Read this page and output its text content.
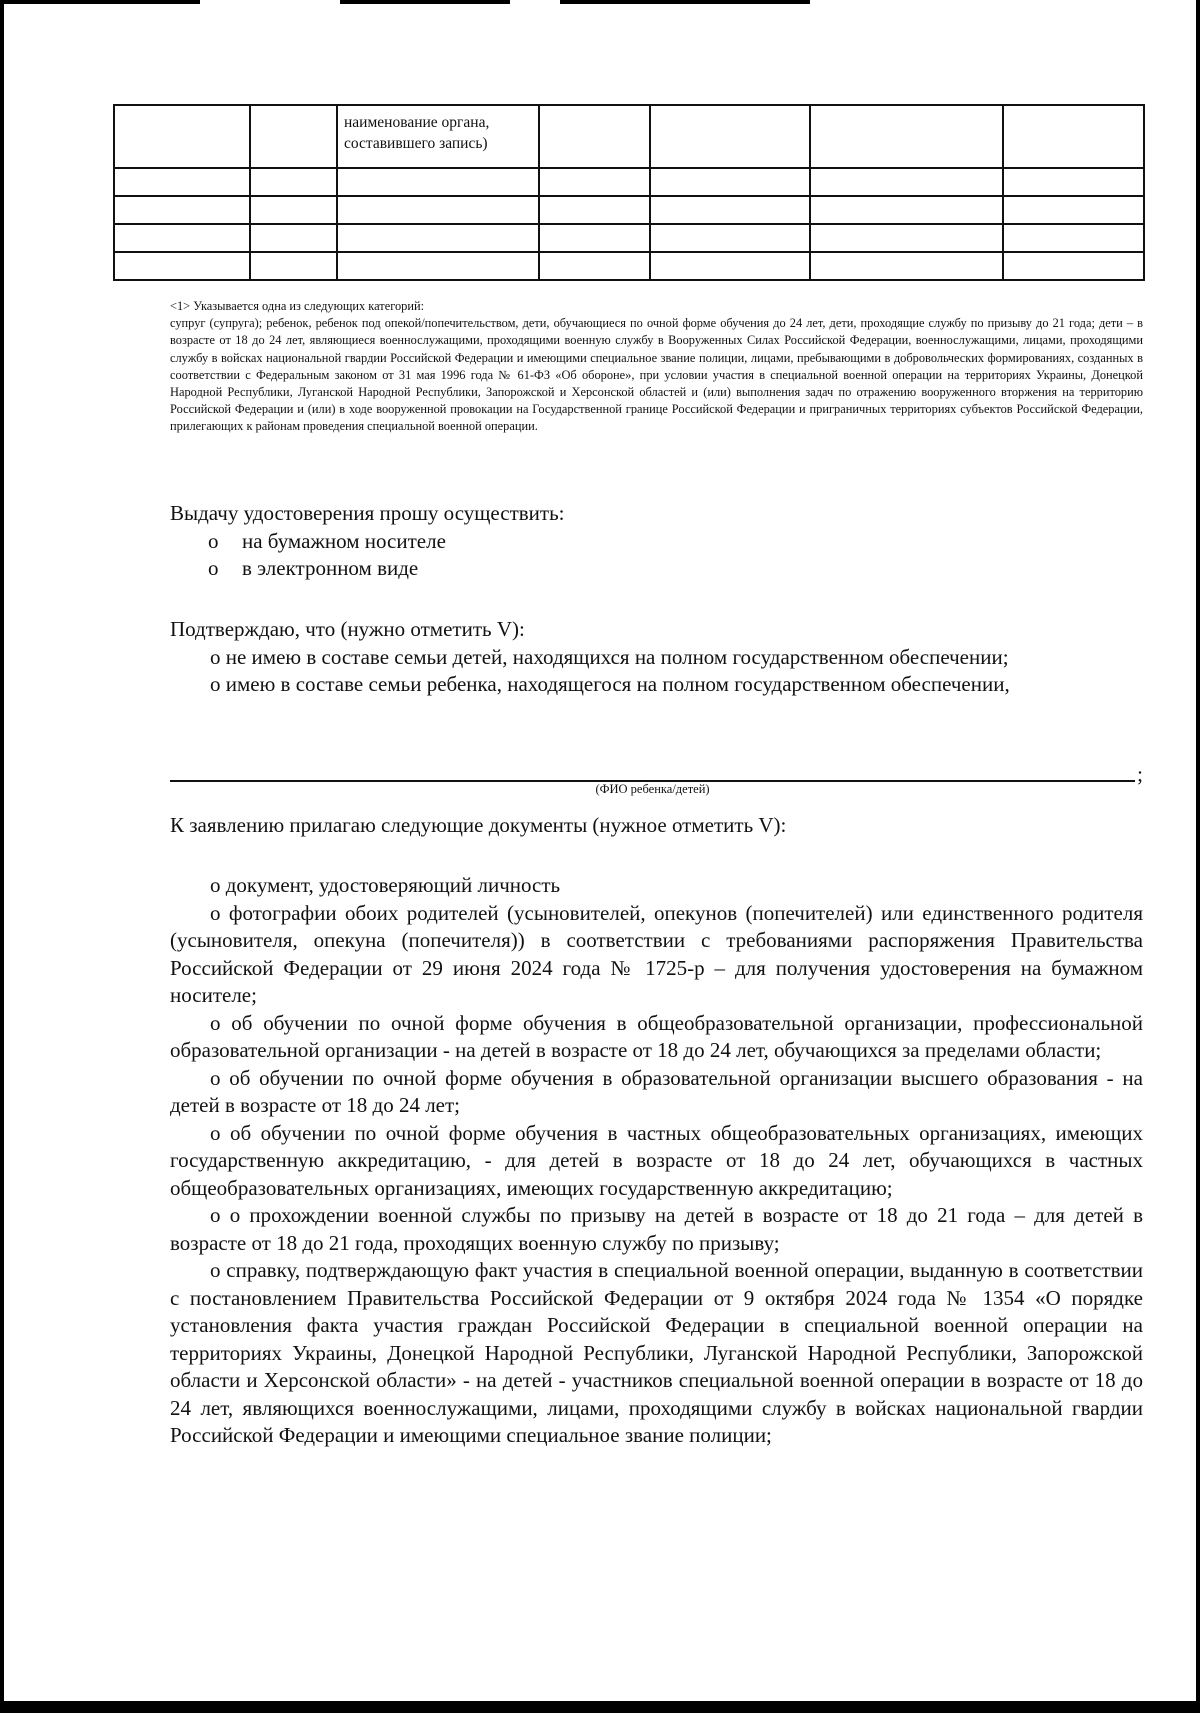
		наименование органа, составившего запись)				

<1> Указывается одна из следующих категорий:

супруг (супруга); ребенок, ребенок под опекой/попечительством, дети, обучающиеся по очной форме обучения до 24 лет, дети, проходящие службу по призыву до 21 года; дети – в возрасте от 18 до 24 лет, являющиеся военнослужащими, проходящими военную службу в Вооруженных Силах Российской Федерации, военнослужащими, лицами, проходящими службу в войсках национальной гвардии Российской Федерации и имеющими специальное звание полиции, лицами, пребывающими в добровольческих формированиях, созданных в соответствии с Федеральным законом от 31 мая 1996 года № 61-ФЗ «Об обороне», при условии участия в специальной военной операции на территориях Украины, Донецкой Народной Республики, Луганской Народной Республики, Запорожской и Херсонской областей и (или) выполнения задач по отражению вооруженного вторжения на территорию Российской Федерации и (или) в ходе вооруженной провокации на Государственной границе Российской Федерации и приграничных территориях субъектов Российской Федерации, прилегающих к районам проведения специальной военной операции.

Выдачу удостоверения прошу осуществить:

o	на бумажном носителе
o	в электронном виде

Подтверждаю, что (нужно отметить V):

o не имею в составе семьи детей, находящихся на полном государственном обеспечении;

o имею в составе семьи ребенка, находящегося на полном государственном обеспечении,

;
(ФИО ребенка/детей)

К заявлению прилагаю следующие документы (нужное отметить V):

o документ, удостоверяющий личность

o фотографии обоих родителей (усыновителей, опекунов (попечителей) или единственного родителя (усыновителя, опекуна (попечителя)) в соответствии с требованиями распоряжения Правительства Российской Федерации от 29 июня 2024 года № 1725-р – для получения удостоверения на бумажном носителе;

o об обучении по очной форме обучения в общеобразовательной организации, профессиональной образовательной организации - на детей в возрасте от 18 до 24 лет, обучающихся за пределами области;

o об обучении по очной форме обучения в образовательной организации высшего образования - на детей в возрасте от 18 до 24 лет;

o об обучении по очной форме обучения в частных общеобразовательных организациях, имеющих государственную аккредитацию, - для детей в возрасте от 18 до 24 лет, обучающихся в частных общеобразовательных организациях, имеющих государственную аккредитацию;

o о прохождении военной службы по призыву на детей в возрасте от 18 до 21 года – для детей в возрасте от 18 до 21 года, проходящих военную службу по призыву;

o справку, подтверждающую факт участия в специальной военной операции, выданную в соответствии с постановлением Правительства Российской Федерации от 9 октября 2024 года № 1354 «О порядке установления факта участия граждан Российской Федерации в специальной военной операции на территориях Украины, Донецкой Народной Республики, Луганской Народной Республики, Запорожской области и Херсонской области» - на детей - участников специальной военной операции в возрасте от 18 до 24 лет, являющихся военнослужащими, лицами, проходящими службу в войсках национальной гвардии Российской Федерации и имеющими специальное звание полиции;
